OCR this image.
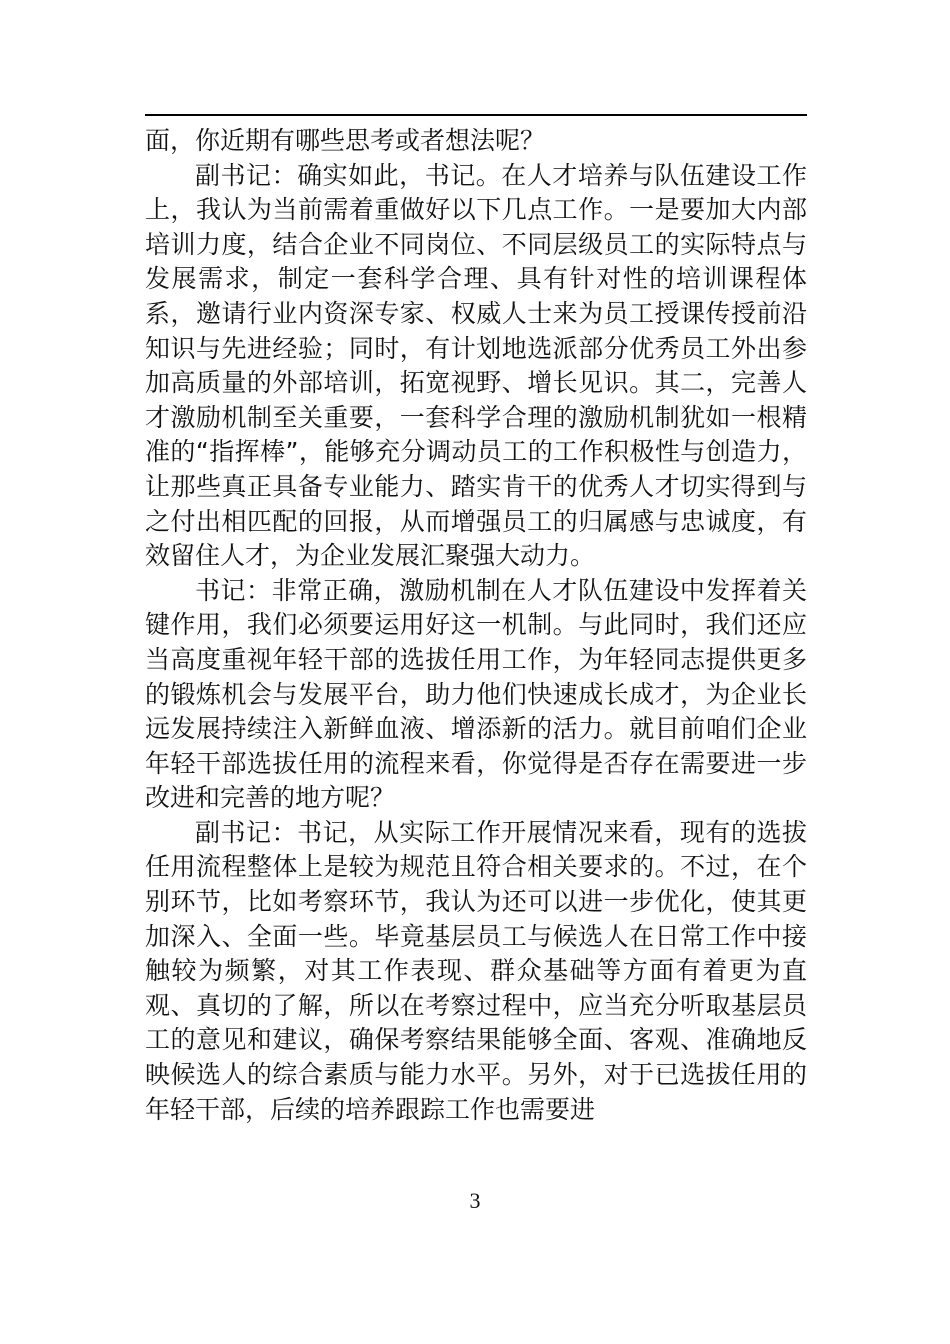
面，你近期有哪些思考或者想法呢？

副书记：确实如此，书记。在人才培养与队伍建设工作上，我认为当前需着重做好以下几点工作。一是要加大内部培训力度，结合企业不同岗位、不同层级员工的实际特点与发展需求，制定一套科学合理、具有针对性的培训课程体系，邀请行业内资深专家、权威人士来为员工授课传授前沿知识与先进经验；同时，有计划地选派部分优秀员工外出参加高质量的外部培训，拓宽视野、增长见识。其二，完善人才激励机制至关重要，一套科学合理的激励机制犹如一根精准的“指挥棒”，能够充分调动员工的工作积极性与创造力，让那些真正具备专业能力、踏实肯干的优秀人才切实得到与之付出相匹配的回报，从而增强员工的归属感与忠诚度，有效留住人才，为企业发展汇聚强大动力。

书记：非常正确，激励机制在人才队伍建设中发挥着关键作用，我们必须要运用好这一机制。与此同时，我们还应当高度重视年轻干部的选拔任用工作，为年轻同志提供更多的锻炼机会与发展平台，助力他们快速成长成才，为企业长远发展持续注入新鲜血液、增添新的活力。就目前咱们企业年轻干部选拔任用的流程来看，你觉得是否存在需要进一步改进和完善的地方呢？

副书记：书记，从实际工作开展情况来看，现有的选拔任用流程整体上是较为规范且符合相关要求的。不过，在个别环节，比如考察环节，我认为还可以进一步优化，使其更加深入、全面一些。毕竟基层员工与候选人在日常工作中接触较为频繁，对其工作表现、群众基础等方面有着更为直观、真切的了解，所以在考察过程中，应当充分听取基层员工的意见和建议，确保考察结果能够全面、客观、准确地反映候选人的综合素质与能力水平。另外，对于已选拔任用的年轻干部，后续的培养跟踪工作也需要进

3
